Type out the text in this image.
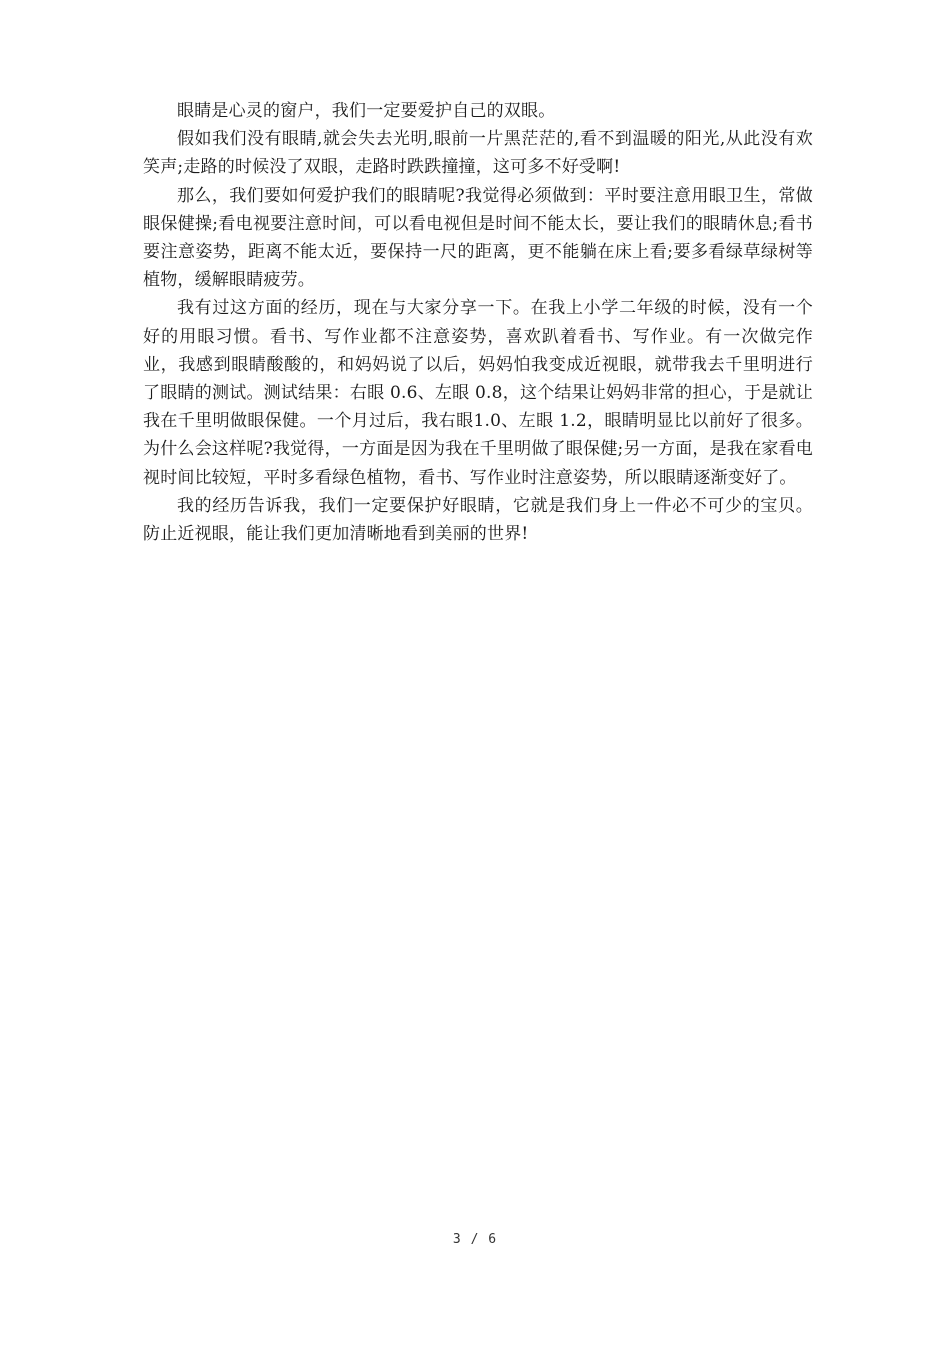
眼睛是心灵的窗户，我们一定要爱护自己的双眼。

假如我们没有眼睛,就会失去光明,眼前一片黑茫茫的,看不到温暖的阳光,从此没有欢笑声;走路的时候没了双眼，走路时跌跌撞撞，这可多不好受啊!

那么，我们要如何爱护我们的眼睛呢?我觉得必须做到：平时要注意用眼卫生，常做眼保健操;看电视要注意时间，可以看电视但是时间不能太长，要让我们的眼睛休息;看书要注意姿势，距离不能太近，要保持一尺的距离，更不能躺在床上看;要多看绿草绿树等植物，缓解眼睛疲劳。

我有过这方面的经历，现在与大家分享一下。在我上小学二年级的时候，没有一个好的用眼习惯。看书、写作业都不注意姿势，喜欢趴着看书、写作业。有一次做完作业，我感到眼睛酸酸的，和妈妈说了以后，妈妈怕我变成近视眼，就带我去千里明进行了眼睛的测试。测试结果：右眼 0.6、左眼 0.8，这个结果让妈妈非常的担心，于是就让我在千里明做眼保健。一个月过后，我右眼1.0、左眼 1.2，眼睛明显比以前好了很多。为什么会这样呢?我觉得，一方面是因为我在千里明做了眼保健;另一方面，是我在家看电视时间比较短，平时多看绿色植物，看书、写作业时注意姿势，所以眼睛逐渐变好了。

我的经历告诉我，我们一定要保护好眼睛，它就是我们身上一件必不可少的宝贝。防止近视眼，能让我们更加清晰地看到美丽的世界!

3 / 6
